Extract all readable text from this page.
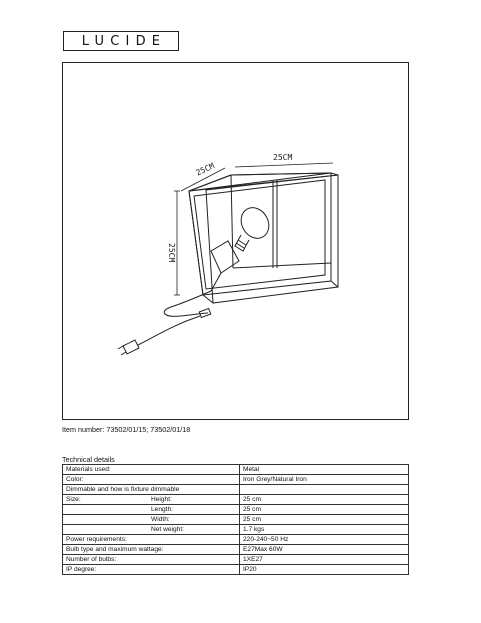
LUCIDE
25CM
25CM
25CM
Item number: 73502/01/15; 73502/01/18
Technical details
Materials used:	Metal
Color:	Iron Grey/Natural Iron
Dimmable and how is fixture dimmable	

Size: Height:	25 cm

Length:	25 cm

Width:	25 cm

Net weight:	1.7 kgs
Power requirements:	220-240~50 Hz
Bulb type and maximum wattage:	E27Max 60W
Number of bulbs:	1XE27
IP degree:	IP20
